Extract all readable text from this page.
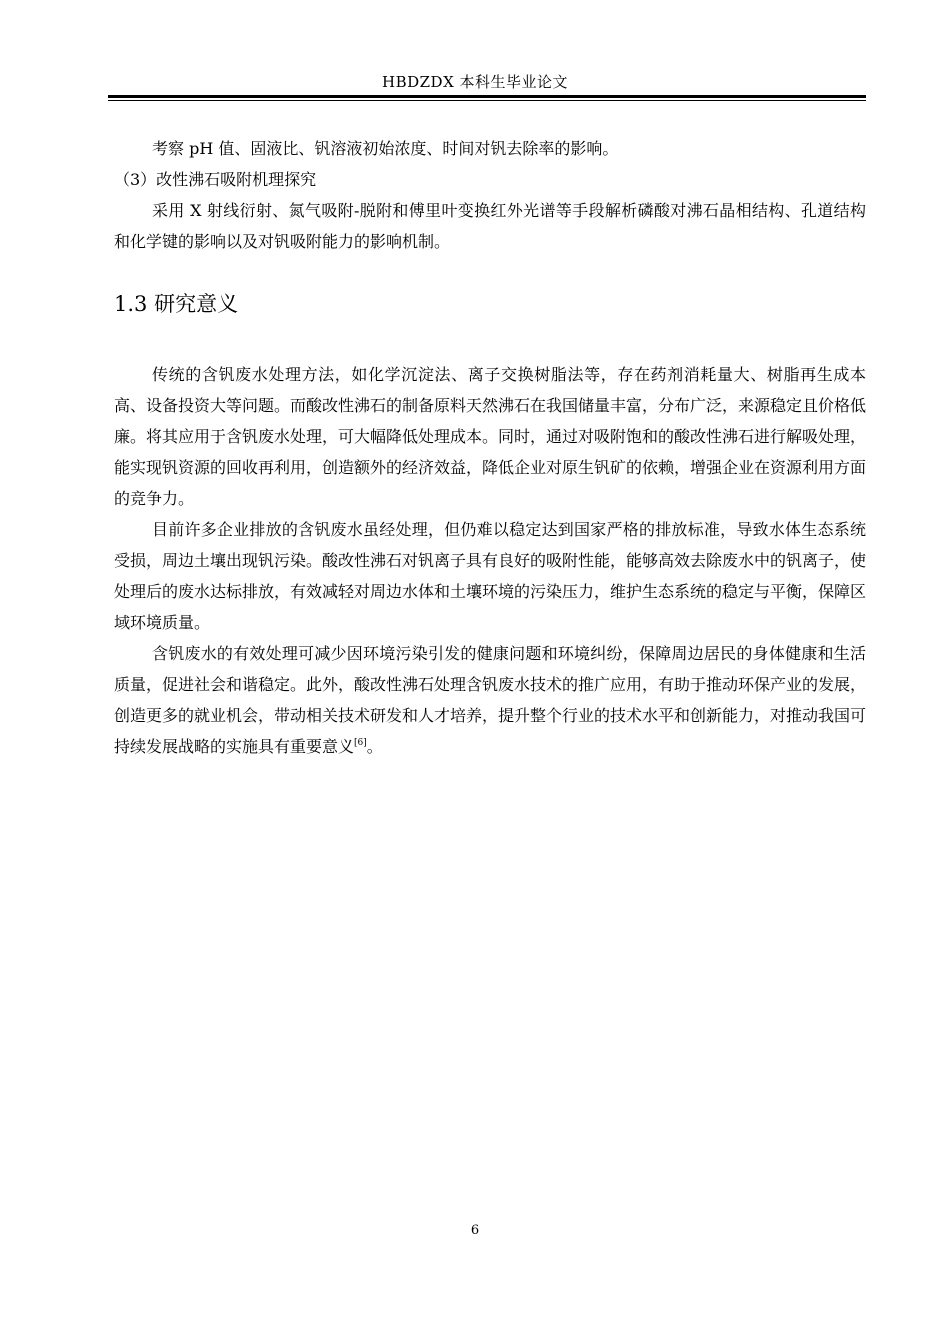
HBDZDX 本科生毕业论文

考察 pH 值、固液比、钒溶液初始浓度、时间对钒去除率的影响。

（3）改性沸石吸附机理探究

采用 X 射线衍射、氮气吸附-脱附和傅里叶变换红外光谱等手段解析磷酸对沸石晶相结构、孔道结构和化学键的影响以及对钒吸附能力的影响机制。

1.3 研究意义

传统的含钒废水处理方法，如化学沉淀法、离子交换树脂法等，存在药剂消耗量大、树脂再生成本高、设备投资大等问题。而酸改性沸石的制备原料天然沸石在我国储量丰富，分布广泛，来源稳定且价格低廉。将其应用于含钒废水处理，可大幅降低处理成本。同时，通过对吸附饱和的酸改性沸石进行解吸处理，能实现钒资源的回收再利用，创造额外的经济效益，降低企业对原生钒矿的依赖，增强企业在资源利用方面的竞争力。

目前许多企业排放的含钒废水虽经处理，但仍难以稳定达到国家严格的排放标准，导致水体生态系统受损，周边土壤出现钒污染。酸改性沸石对钒离子具有良好的吸附性能，能够高效去除废水中的钒离子，使处理后的废水达标排放，有效减轻对周边水体和土壤环境的污染压力，维护生态系统的稳定与平衡，保障区域环境质量。

含钒废水的有效处理可减少因环境污染引发的健康问题和环境纠纷，保障周边居民的身体健康和生活质量，促进社会和谐稳定。此外，酸改性沸石处理含钒废水技术的推广应用，有助于推动环保产业的发展，创造更多的就业机会，带动相关技术研发和人才培养，提升整个行业的技术水平和创新能力，对推动我国可持续发展战略的实施具有重要意义[6]。

6
